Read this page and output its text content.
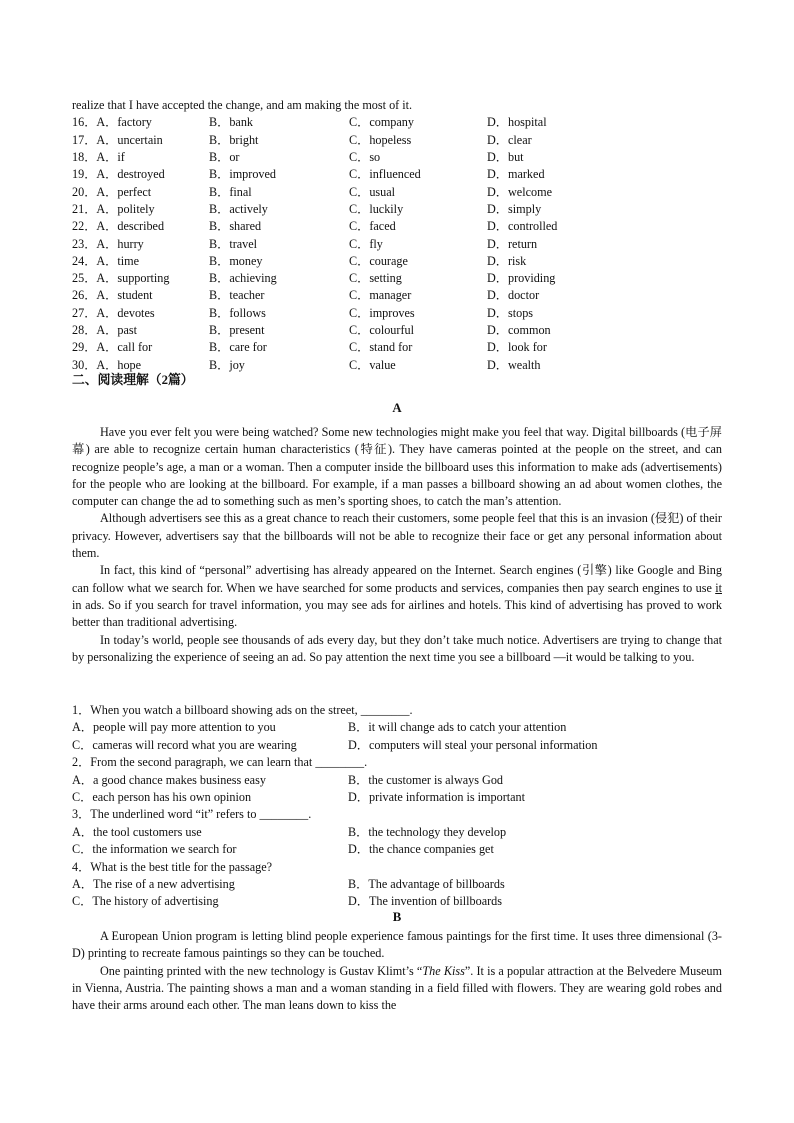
realize that I have accepted the change, and am making the most of it.
16．A．factory	B．bank	C．company	D．hospital
17．A．uncertain	B．bright	C．hopeless	D．clear
18．A．if	B．or	C．so	D．but
19．A．destroyed	B．improved	C．influenced	D．marked
20．A．perfect	B．final	C．usual	D．welcome
21．A．politely	B．actively	C．luckily	D．simply
22．A．described	B．shared	C．faced	D．controlled
23．A．hurry	B．travel	C．fly	D．return
24．A．time	B．money	C．courage	D．risk
25．A．supporting	B．achieving	C．setting	D．providing
26．A．student	B．teacher	C．manager	D．doctor
27．A．devotes	B．follows	C．improves	D．stops
28．A．past	B．present	C．colourful	D．common
29．A．call for	B．care for	C．stand for	D．look for
30．A．hope	B．joy	C．value	D．wealth
二、阅读理解（2篇）
A

Have you ever felt you were being watched? Some new technologies might make you feel that way. Digital billboards (电子屏幕) are able to recognize certain human characteristics (特征). They have cameras pointed at the people on the street, and can recognize people’s age, a man or a woman. Then a computer inside the billboard uses this information to make ads (advertisements) for the people who are looking at the billboard. For example, if a man passes a billboard showing an ad about women clothes, the computer can change the ad to something such as men’s sporting shoes, to catch the man’s attention.

Although advertisers see this as a great chance to reach their customers, some people feel that this is an invasion (侵犯) of their privacy. However, advertisers say that the billboards will not be able to recognize their face or get any personal information about them.

In fact, this kind of “personal” advertising has already appeared on the Internet. Search engines (引擎) like Google and Bing can follow what we search for. When we have searched for some products and services, companies then pay search engines to use it in ads. So if you search for travel information, you may see ads for airlines and hotels. This kind of advertising has proved to work better than traditional advertising.

In today’s world, people see thousands of ads every day, but they don’t take much notice. Advertisers are trying to change that by personalizing the experience of seeing an ad. So pay attention the next time you see a billboard —it would be talking to you.

1．When you watch a billboard showing ads on the street, ________.
A．people will pay more attention to you	B．it will change ads to catch your attention
C．cameras will record what you are wearing	D．computers will steal your personal information
2．From the second paragraph, we can learn that ________.
A．a good chance makes business easy	B．the customer is always God
C．each person has his own opinion	D．private information is important
3．The underlined word “it” refers to ________.
A．the tool customers use	B．the technology they develop
C．the information we search for	D．the chance companies get
4．What is the best title for the passage?
A．The rise of a new advertising	B．The advantage of billboards
C．The history of advertising	D．The invention of billboards
B

A European Union program is letting blind people experience famous paintings for the first time. It uses three dimensional (3-D) printing to recreate famous paintings so they can be touched.

One painting printed with the new technology is Gustav Klimt’s “The Kiss”. It is a popular attraction at the Belvedere Museum in Vienna, Austria. The painting shows a man and a woman standing in a field filled with flowers. They are wearing gold robes and have their arms around each other. The man leans down to kiss the
